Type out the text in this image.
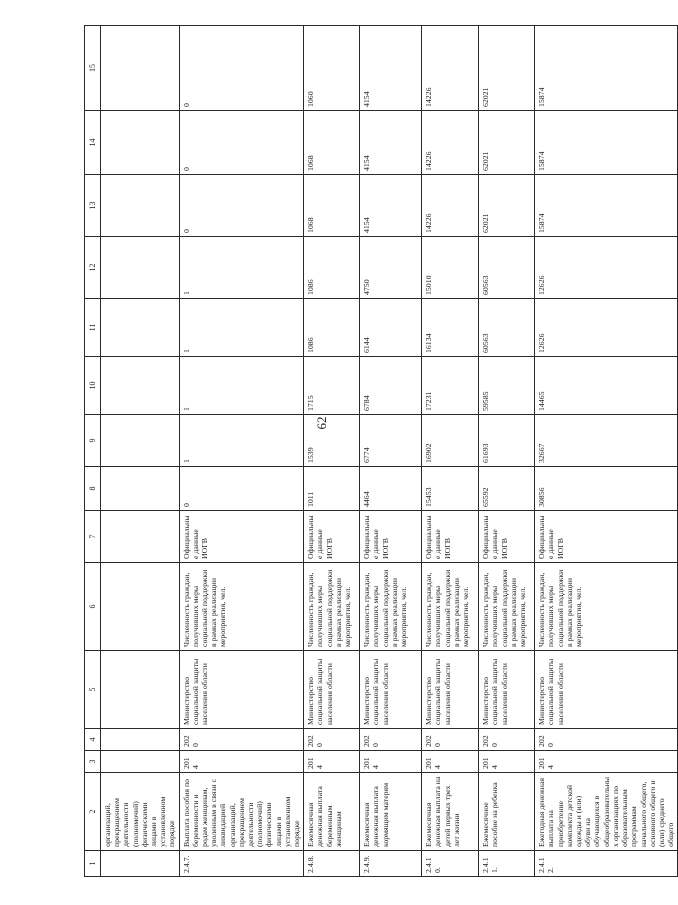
62
1	2	3	4	5	6	7	8	9	10	11	12	13	14	15
	организаций, прекращением деятельности (полномочий) физическими лицами в установленном порядке													
2.4.7.	Выплата пособия по беременности и родам женщинам, уволенным в связи с ликвидацией организаций, прекращением деятельности (полномочий) физическими лицами в установленном порядке	2014	2020	Министерство социальной защиты населения области	Численность граждан, получивших меры социальной поддержки в рамках реализации мероприятия, чел.	Официальные данные ИОГВ	0	1	1	1	1	0	0	0
2.4.8.	Ежемесячная денежная выплата беременным женщинам	2014	2020	Министерство социальной защиты населения области	Численность граждан, получивших меры социальной поддержки в рамках реализации мероприятия, чел.	Официальные данные ИОГВ	1011	1539	1715	1086	1086	1068	1068	1060
2.4.9.	Ежемесячная денежная выплата кормящим матерям	2014	2020	Министерство социальной защиты населения области	Численность граждан, получивших меры социальной поддержки в рамках реализации мероприятия, чел.	Официальные данные ИОГВ	4464	6774	6784	6144	4750	4154	4154	4154
2.4.10.	Ежемесячная денежная выплата на детей первых трех лет жизни	2014	2020	Министерство социальной защиты населения области	Численность граждан, получивших меры социальной поддержки в рамках реализации мероприятия, чел.	Официальные данные ИОГВ	15453	16902	17231	16134	15010	14226	14226	14226
2.4.11.	Ежемесячное пособие на ребенка	2014	2020	Министерство социальной защиты населения области	Численность граждан, получивших меры социальной поддержки в рамках реализации мероприятия, чел.	Официальные данные ИОГВ	65592	61693	59585	60563	60563	62021	62021	62021
2.4.12.	Ежегодная денежная выплата на приобретение комплекта детской одежды и (или) обуви на обучающихся в общеобразовательных организациях по образовательным программам начального общего, основного общего и (или) среднего общего	2014	2020	Министерство социальной защиты населения области	Численность граждан, получивших меры социальной поддержки в рамках реализации мероприятия, чел.	Официальные данные ИОГВ	30856	32667	14465	12626	12626	15874	15874	15874
